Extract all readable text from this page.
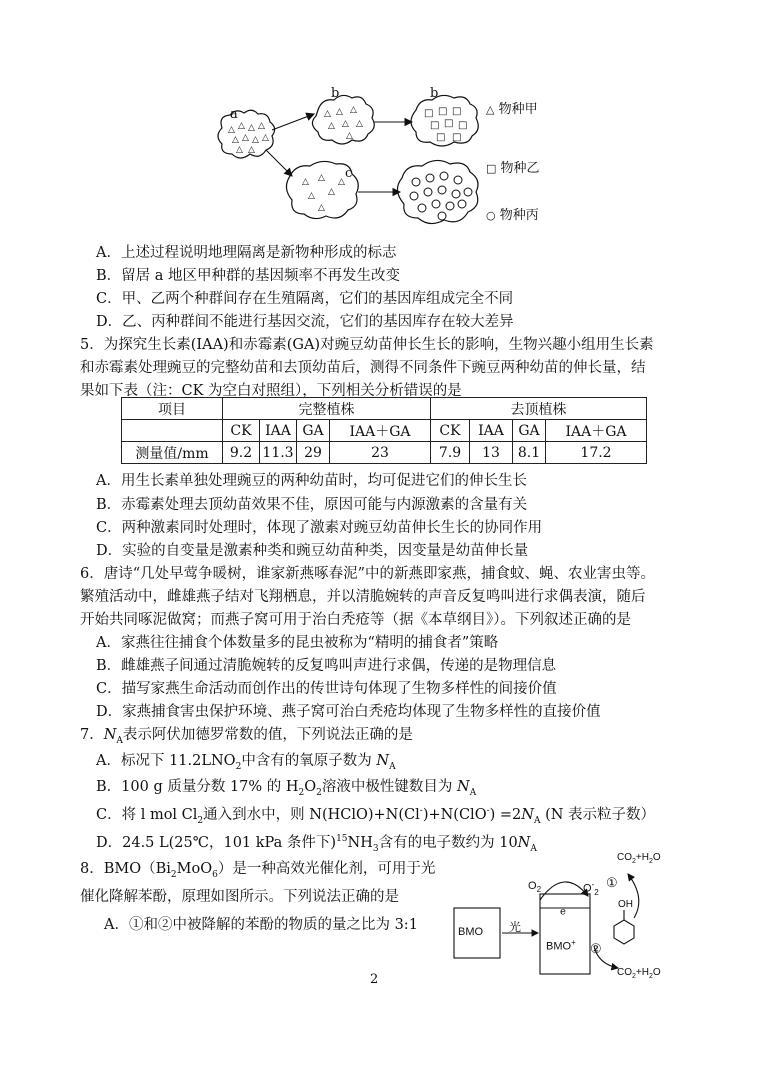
△ △ △ △
△ △ △ △
△ △
△ △ △
△ △ △
△
□ □ □
□ □ □
□ □
△ △
△ △
△
△
a
b	b
c
△ 物种甲
□ 物种乙
○ 物种丙
A．上述过程说明地理隔离是新物种形成的标志
B．留居 a 地区甲种群的基因频率不再发生改变
C．甲、乙两个种群间存在生殖隔离，它们的基因库组成完全不同
D．乙、丙种群间不能进行基因交流，它们的基因库存在较大差异
5．为探究生长素(IAA)和赤霉素(GA)对豌豆幼苗伸长生长的影响，生物兴趣小组用生长素
和赤霉素处理豌豆的完整幼苗和去顶幼苗后，测得不同条件下豌豆两种幼苗的伸长量，结
果如下表（注：CK 为空白对照组），下列相关分析错误的是
项目	完整植株				去顶植株			
	CK	IAA	GA	IAA＋GA	CK	IAA	GA	IAA＋GA
测量值/mm	9.2	11.3	29	23	7.9	13	8.1	17.2
A．用生长素单独处理豌豆的两种幼苗时，均可促进它们的伸长生长
B．赤霉素处理去顶幼苗效果不佳，原因可能与内源激素的含量有关
C．两种激素同时处理时，体现了激素对豌豆幼苗伸长生长的协同作用
D．实验的自变量是激素种类和豌豆幼苗种类，因变量是幼苗伸长量
6．唐诗“几处早莺争暖树，谁家新燕啄春泥”中的新燕即家燕，捕食蚊、蝇、农业害虫等。
繁殖活动中，雌雄燕子结对飞翔栖息，并以清脆婉转的声音反复鸣叫进行求偶表演，随后
开始共同啄泥做窝；而燕子窝可用于治白秃疮等（据《本草纲目》）。下列叙述正确的是
A．家燕往往捕食个体数量多的昆虫被称为“精明的捕食者”策略
B．雌雄燕子间通过清脆婉转的反复鸣叫声进行求偶，传递的是物理信息
C．描写家燕生命活动而创作出的传世诗句体现了生物多样性的间接价值
D．家燕捕食害虫保护环境、燕子窝可治白秃疮均体现了生物多样性的直接价值
7．$N_A$表示阿伏加德罗常数的值，下列说法正确的是
A．标况下 $11.2LNO_2$中含有的氧原子数为 $N_A$
B．100 g 质量分数 17% 的 $H_2O_2$溶液中极性键数目为 $N_A$
C．将 l mol $Cl_2$通入到水中，则 N(HClO)+N(Cl-)+N(ClO-) $=2N_A$ (N 表示粒子数）
D．24.5 L(25℃，101 kPa 条件下)$^{15}NH_3$含有的电子数约为 $10N_A$
8．$BMO(Bi_2MoO_6)$是一种高效光催化剂，可用于光
催化降解苯酚，原理如图所示。下列说法正确的是
A．①和②中被降解的苯酚的物质的量之比为 3:1	BMO 光
BMO+
e-
$O_2$	$O^-_2$
①
②
OH
$CO_2+H_2O$
$CO_2+H_2O$
2
